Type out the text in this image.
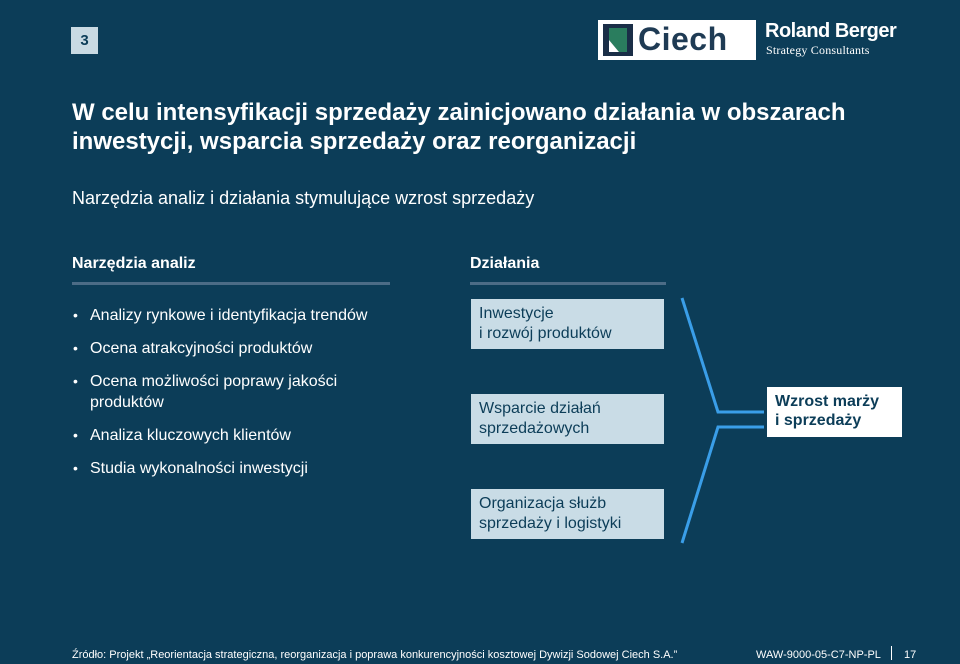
3	Ciech Roland Berger
Strategy Consultants
W celu intensyfikacji sprzedaży zainicjowano działania w obszarach inwestycji, wsparcia sprzedaży oraz reorganizacji
Narzędzia analiz i działania stymulujące wzrost sprzedaży
Narzędzia analiz	Działania
• Analizy rynkowe i identyfikacja trendów
• Ocena atrakcyjności produktów
• Ocena możliwości poprawy jakości produktów
• Analiza kluczowych klientów
• Studia wykonalności inwestycji
Inwestycje
i rozwój produktów
Wsparcie działań
sprzedażowych
Organizacja służb
sprzedaży i logistyki
Wzrost marży
i sprzedaży
Źródło: Projekt „Reorientacja strategiczna, reorganizacja i poprawa konkurencyjności kosztowej Dywizji Sodowej Ciech S.A.”	WAW-9000-05-C7-NP-PL 17
